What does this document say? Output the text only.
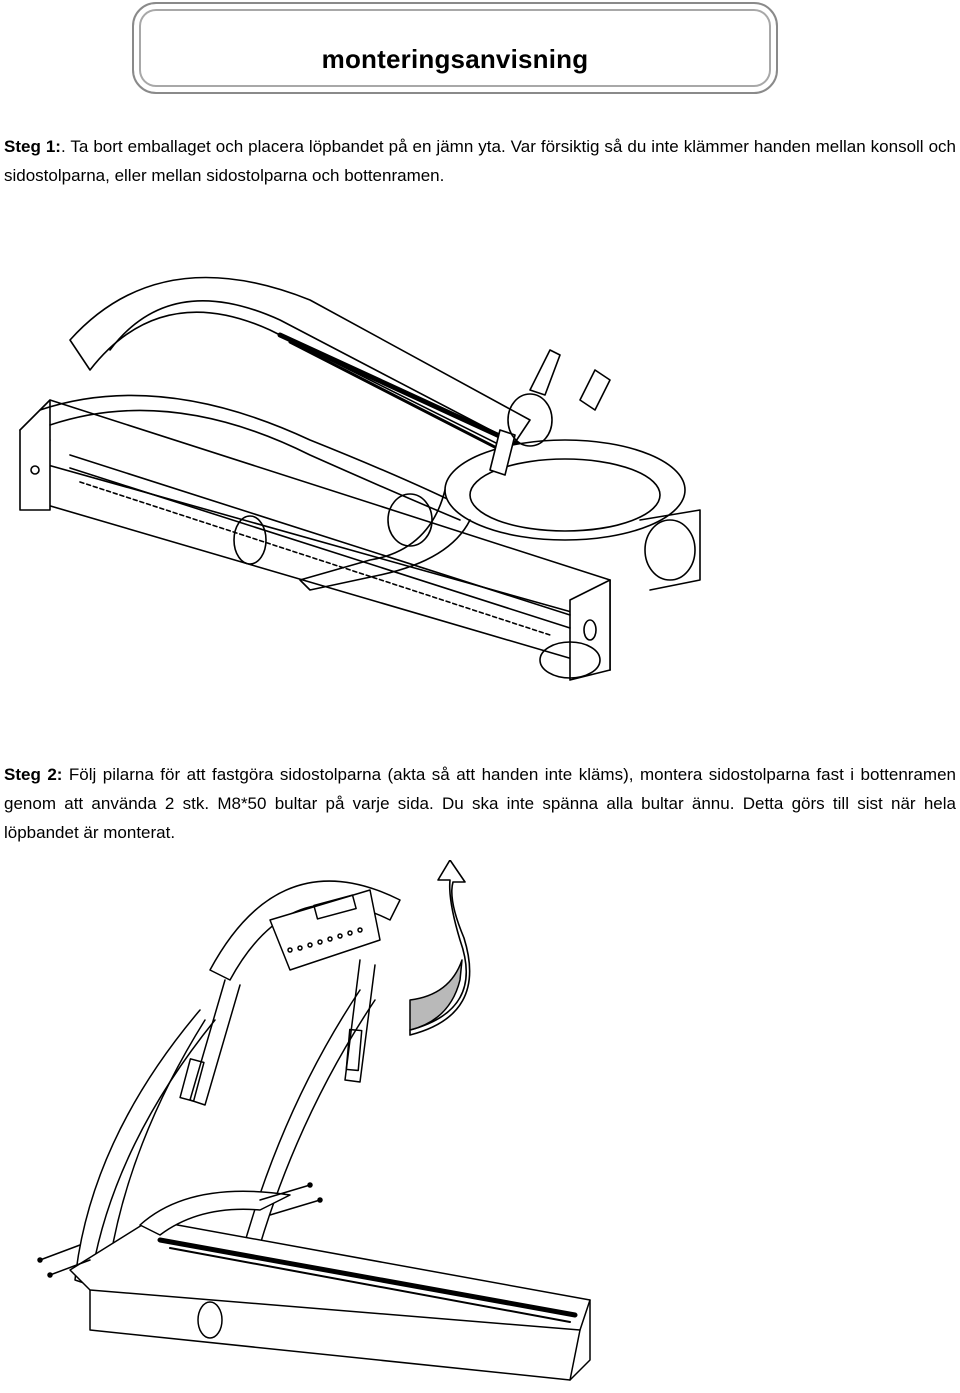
monteringsanvisning
Steg 1:. Ta bort emballaget och placera löpbandet på en jämn yta. Var försiktig så du inte klämmer handen mellan konsoll och sidostolparna, eller mellan sidostolparna och bottenramen.
Steg 2: Följ pilarna för att fastgöra sidostolparna (akta så att handen inte kläms), montera sidostolparna fast i bottenramen genom att använda 2 stk. M8*50 bultar på varje sida. Du ska inte spänna alla bultar ännu. Detta görs till sist när hela löpbandet är monterat.
